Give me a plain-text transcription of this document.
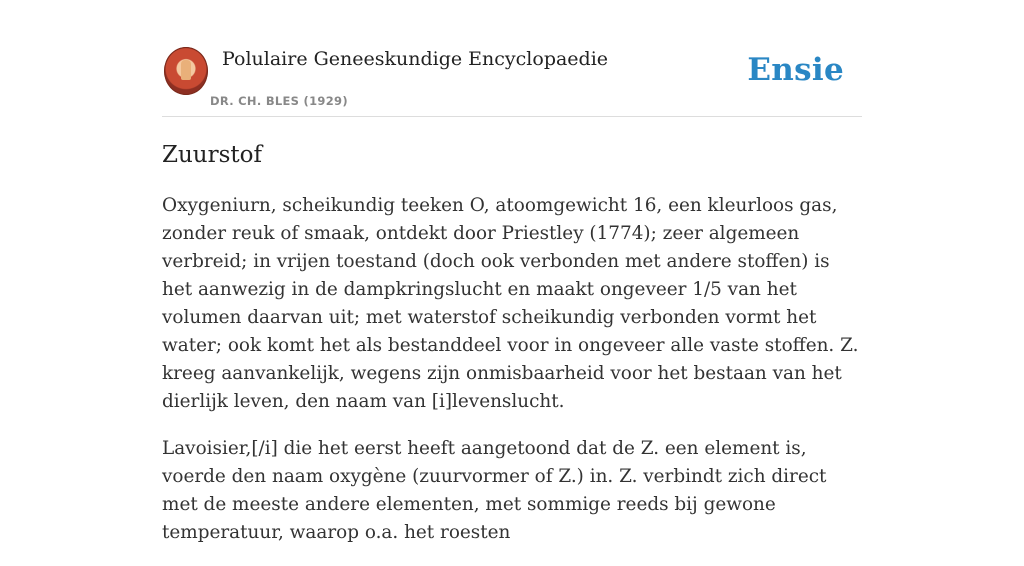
Polulaire Geneeskundige Encyclopaedie
DR. CH. BLES (1929)
Ensie
Zuurstof

Oxygeniurn, scheikundig teeken O, atoomgewicht 16, een kleurloos gas, zonder reuk of smaak, ontdekt door Priestley (1774); zeer algemeen verbreid; in vrijen toestand (doch ook verbonden met andere stoffen) is het aanwezig in de dampkringslucht en maakt ongeveer 1/5 van het volumen daarvan uit; met waterstof scheikundig verbonden vormt het water; ook komt het als bestanddeel voor in ongeveer alle vaste stoffen. Z. kreeg aanvankelijk, wegens zijn onmisbaarheid voor het bestaan van het dierlijk leven, den naam van [i]levenslucht.

Lavoisier,[/i] die het eerst heeft aangetoond dat de Z. een element is, voerde den naam oxygène (zuurvormer of Z.) in. Z. verbindt zich direct met de meeste andere elementen, met sommige reeds bij gewone temperatuur, waarop o.a. het roesten
